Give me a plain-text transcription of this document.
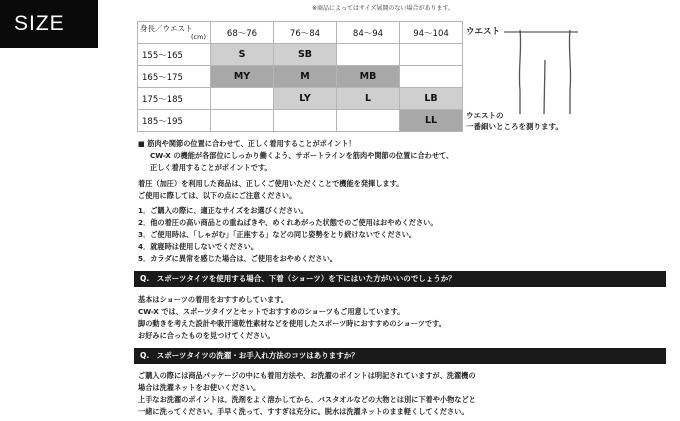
SIZE
※商品によってはサイズ展開のない場合があります。
身長／ウエスト
(cm)	68〜76	76〜84	84〜94	94〜104
155〜165	S	SB		
165〜175	MY	M	MB	
175〜185		LY	L	LB
185〜195				LL
ウエスト
ウエストの
一番細いところを測ります。
■ 筋肉や関節の位置に合わせて、正しく着用することがポイント！
CW-X の機能が各部位にしっかり働くよう、サポートラインを筋肉や関節の位置に合わせて、
正しく着用することがポイントです。
着圧（加圧）を利用した商品は、正しくご使用いただくことで機能を発揮します。
ご使用に際しては、以下の点にご注意ください。
1．ご購入の際に、適正なサイズをお選びください。
2．他の着圧の高い商品との重ねばきや、めくれあがった状態でのご使用はおやめください。
3．ご使用時は、「しゃがむ」「正座する」などの同じ姿勢をとり続けないでください。
4．就寝時は使用しないでください。
5．カラダに異常を感じた場合は、ご使用をおやめください。
Q.　スポーツタイツを使用する場合、下着（ショーツ）を下にはいた方がいいのでしょうか？
基本はショーツの着用をおすすめしています。
CW-X では、スポーツタイツとセットでおすすめのショーツもご用意しています。
脚の動きを考えた設計や吸汗速乾性素材などを使用したスポーツ時におすすめのショーツです。
お好みに合ったものを見つけてください。
Q.　スポーツタイツの洗濯・お手入れ方法のコツはありますか？
ご購入の際には商品パッケージの中にも着用方法や、お洗濯のポイントは明記されていますが、洗濯機の
場合は洗濯ネットをお使いください。
上手なお洗濯のポイントは、洗剤をよく溶かしてから、バスタオルなどの大物とは別に下着や小物などと
一緒に洗ってください。手早く洗って、すすぎは充分に。脱水は洗濯ネットのまま軽くしてください。
